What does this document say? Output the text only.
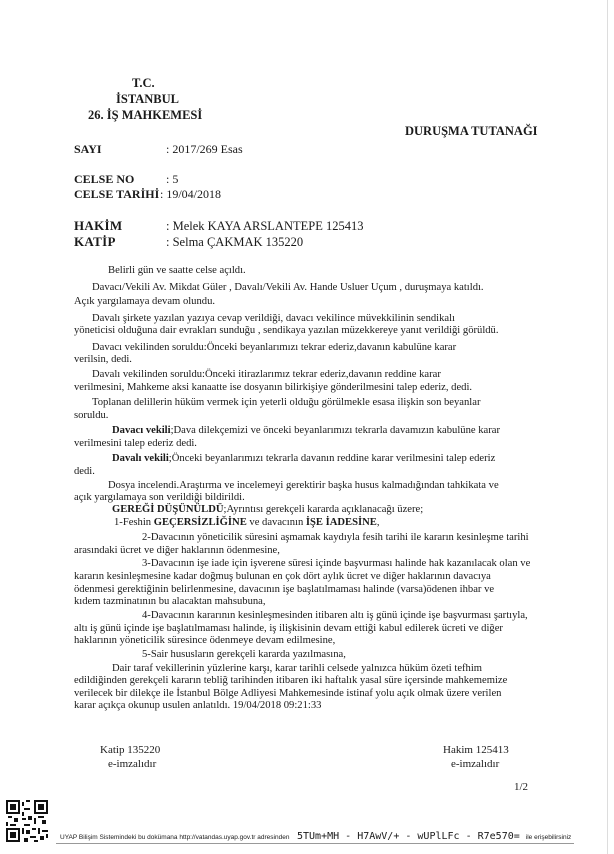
T.C.
İSTANBUL
26. İŞ MAHKEMESİ
DURUŞMA TUTANAĞI
SAYI	: 2017/269 Esas
CELSE NO	: 5
CELSE TARİHİ : 19/04/2018
HAKİM	: Melek KAYA ARSLANTEPE 125413
KATİP	: Selma ÇAKMAK 135220
Belirli gün ve saatte celse açıldı.
Davacı/Vekili Av. Mikdat Güler , Davalı/Vekili Av. Hande Usluer Uçum , duruşmaya katıldı.
Açık yargılamaya devam olundu.
Davalı şirkete yazılan yazıya cevap verildiği, davacı vekilince müvekkilinin sendikalı
yöneticisi olduğuna dair evrakları sunduğu , sendikaya yazılan müzekkereye yanıt verildiği görüldü.
Davacı vekilinden soruldu:Önceki beyanlarımızı tekrar ederiz,davanın kabulüne karar
verilsin, dedi.
Davalı vekilinden soruldu:Önceki itirazlarımız tekrar ederiz,davanın reddine karar
verilmesini, Mahkeme aksi kanaatte ise dosyanın bilirkişiye gönderilmesini talep ederiz, dedi.
Toplanan delillerin hüküm vermek için yeterli olduğu görülmekle esasa ilişkin son beyanlar
soruldu.
Davacı vekili;Dava dilekçemizi ve önceki beyanlarımızı tekrarla davamızın kabulüne karar
verilmesini talep ederiz dedi.
Davalı vekili;Önceki beyanlarımızı tekrarla davanın reddine karar verilmesini talep ederiz
dedi.
Dosya incelendi.Araştırma ve incelemeyi gerektirir başka husus kalmadığından tahkikata ve
açık yargılamaya son verildiği bildirildi.
GEREĞİ DÜŞÜNÜLDÜ;Ayrıntısı gerekçeli kararda açıklanacağı üzere;
1-Feshin GEÇERSİZLİĞİNE ve davacının İŞE İADESİNE,
2-Davacının yöneticilik süresini aşmamak kaydıyla fesih tarihi ile kararın kesinleşme tarihi
arasındaki ücret ve diğer haklarının ödenmesine,
3-Davacının işe iade için işverene süresi içinde başvurması halinde hak kazanılacak olan ve
kararın kesinleşmesine kadar doğmuş bulunan en çok dört aylık ücret ve diğer haklarının davacıya
ödenmesi gerektiğinin belirlenmesine, davacının işe başlatılmaması halinde (varsa)ödenen ihbar ve
kıdem tazminatının bu alacaktan mahsubuna,
4-Davacının kararının kesinleşmesinden itibaren altı iş günü içinde işe başvurması şartıyla,
altı iş günü içinde işe başlatılmaması halinde, iş ilişkisinin devam ettiği kabul edilerek ücreti ve diğer
haklarının yöneticilik süresince ödenmeye devam edilmesine,
5-Sair hususların gerekçeli kararda yazılmasına,
Dair taraf vekillerinin yüzlerine karşı, karar tarihli celsede yalnızca hüküm özeti tefhim
edildiğinden gerekçeli kararın tebliğ tarihinden itibaren iki haftalık yasal süre içersinde mahkememize
verilecek bir dilekçe ile İstanbul Bölge Adliyesi Mahkemesinde istinaf yolu açık olmak üzere verilen
karar açıkça okunup usulen anlatıldı. 19/04/2018 09:21:33
Katip 135220
e-imzalıdır
Hakim 125413
e-imzalıdır
1/2
UYAP Bilişim Sistemindeki bu dokümana http://vatandas.uyap.gov.tr adresinden 5TUm+MH - H7AwV/+ - wUPlLFc - R7e570= ile erişebilirsiniz
